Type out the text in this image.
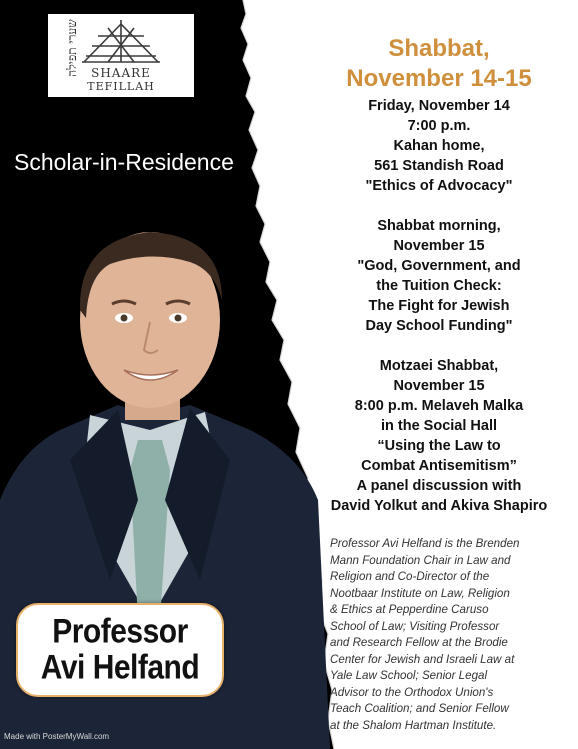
שערי תפילה	SHAARE
TEFILLAH
Scholar-in-Residence
Professor
Avi Helfand
Made with PosterMyWall.com
Shabbat,
November 14-15
Friday, November 14
7:00 p.m.
Kahan home,
561 Standish Road
"Ethics of Advocacy"
Shabbat morning,
November 15
"God, Government, and
the Tuition Check:
The Fight for Jewish
Day School Funding"
Motzaei Shabbat,
November 15
8:00 p.m. Melaveh Malka
in the Social Hall
“Using the Law to
Combat Antisemitism”
A panel discussion with
David Yolkut and Akiva Shapiro
Professor Avi Helfand is the Brenden
Mann Foundation Chair in Law and
Religion and Co-Director of the
Nootbaar Institute on Law, Religion
& Ethics at Pepperdine Caruso
School of Law; Visiting Professor
and Research Fellow at the Brodie
Center for Jewish and Israeli Law at
Yale Law School; Senior Legal
Advisor to the Orthodox Union's
Teach Coalition; and Senior Fellow
at the Shalom Hartman Institute.
